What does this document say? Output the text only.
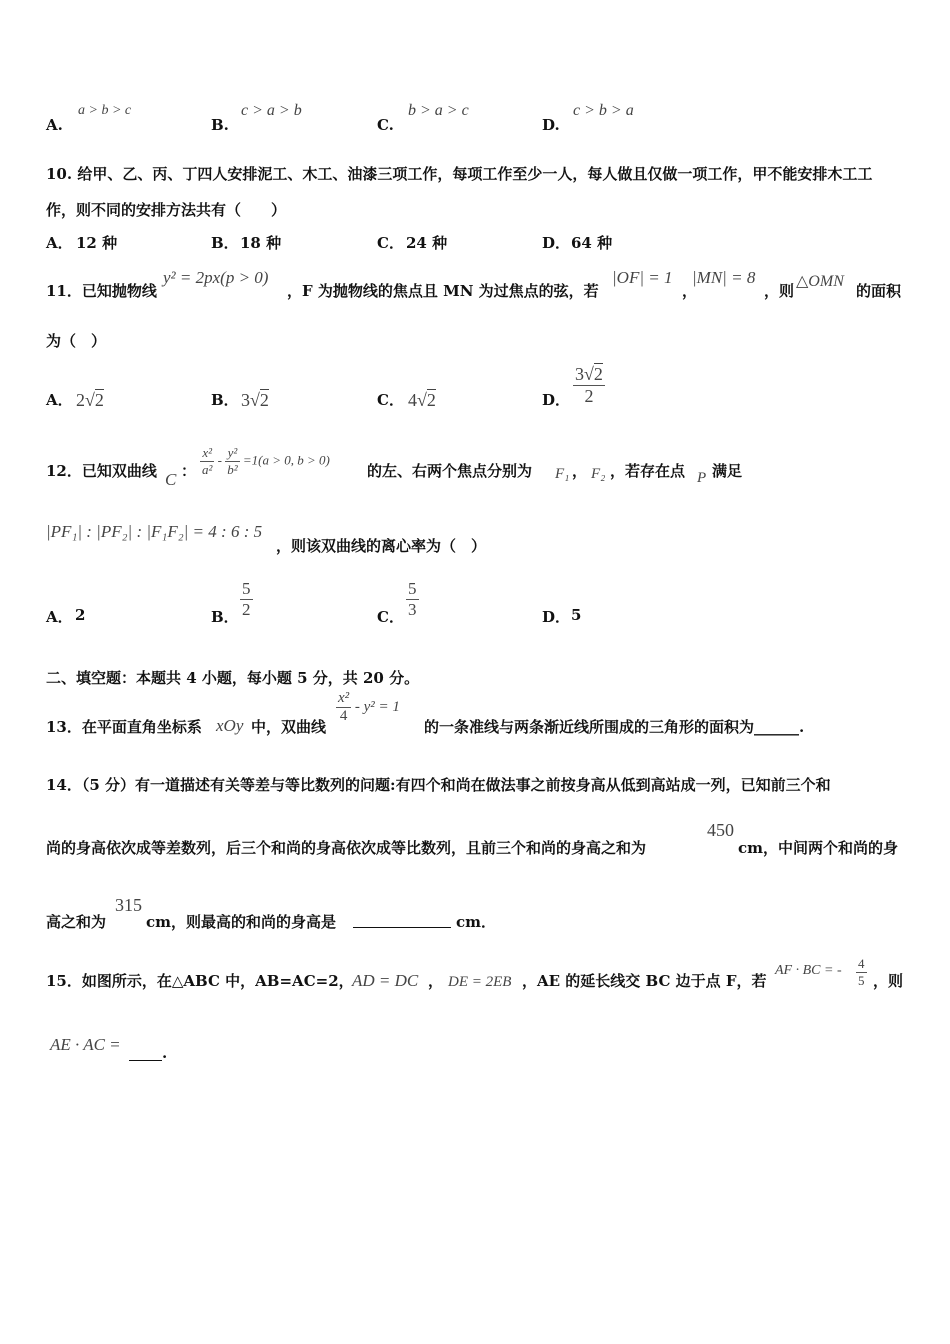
A.
a > b > c
B.
c > a > b
C.
b > a > c
D.
c > b > a
10. 给甲、乙、丙、丁四人安排泥工、木工、油漆三项工作，每项工作至少一人，每人做且仅做一项工作，甲不能安排木工工
作，则不同的安排方法共有（　　）
A． 12 种	B． 18 种	C． 24 种	D． 64 种
11．已知抛物线
y² = 2px(p > 0)
，F 为抛物线的焦点且 MN 为过焦点的弦，若
|OF| = 1
，
|MN| = 8
，则
△OMN
的面积
为（　）
A． 2√2	B． 3√2	C． 4√2	D． $\frac{3√2}{2}$
12．已知双曲线 C ： $\frac{\text{x²}}{\text{a²}} - \frac{\text{y²}}{\text{b²}} =1(a > 0$, b > 0)
的左、右两个焦点分别为 F₁ ， F₂ ，若存在点 P 满足
|PF₁| : |PF₂| : |F₁F₂| = 4 : 6 : 5
，则该双曲线的离心率为（　）
A． 2	B． $\frac{5}{2}$	C． $\frac{5}{3}$	D． 5
二、填空题：本题共 4 小题，每小题 5 分，共 20 分。
13．在平面直角坐标系 xOy 中，双曲线
$\frac{\text{x²}}{4} - y^2 = 1$
的一条准线与两条渐近线所围成的三角形的面积为______.
14．（5 分）有一道描述有关等差与等比数列的问题:有四个和尚在做法事之前按身高从低到高站成一列，已知前三个和
尚的身高依次成等差数列，后三个和尚的身高依次成等比数列，且前三个和尚的身高之和为
450
cm，中间两个和尚的身
高之和为
315
cm，则最高的和尚的身高是	cm．
15．如图所示，在△ABC 中，AB=AC=2，
AD = DC ， DE = 2EB ，AE 的延长线交 BC 边于点 F，若
AF · BC = - $\frac{4}{5}$ ，则
AE · AC =	.
